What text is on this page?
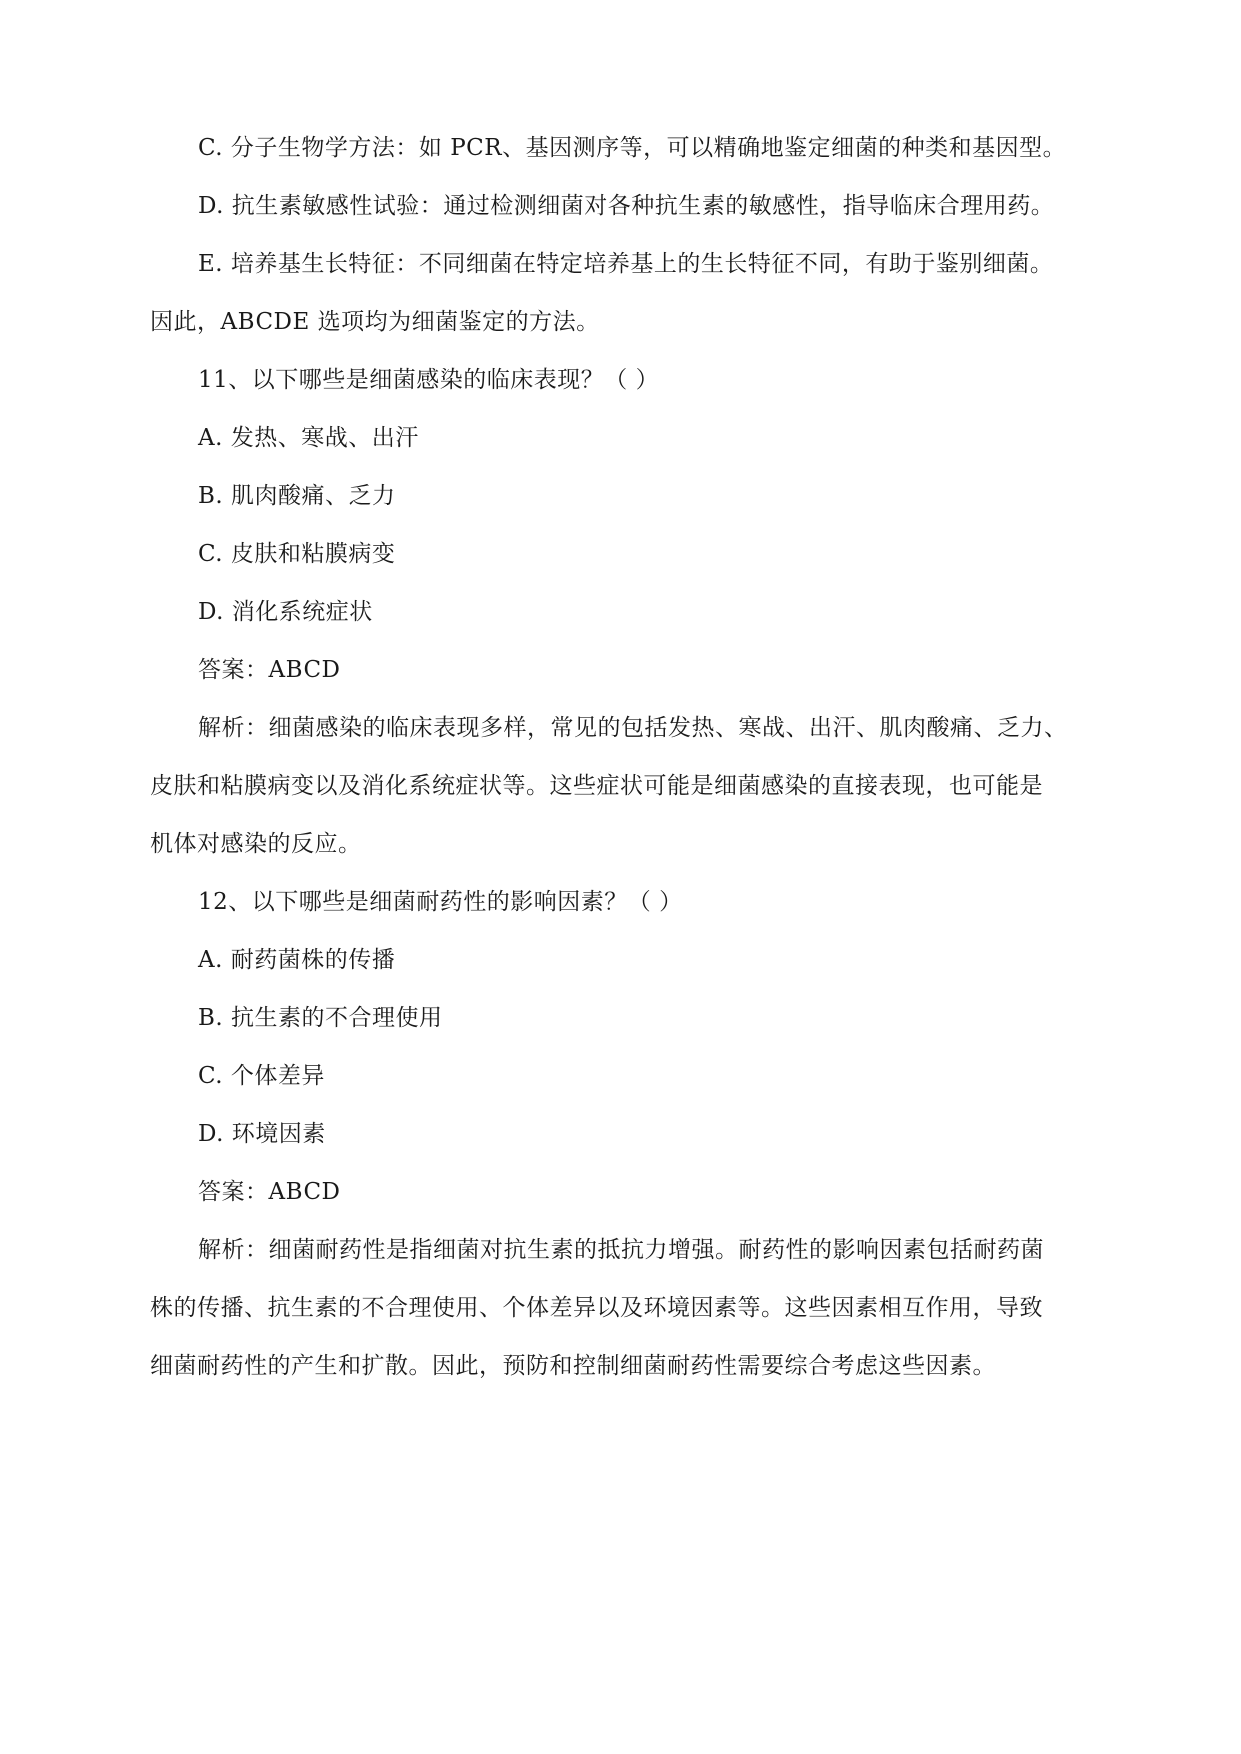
C. 分子生物学方法：如 PCR、基因测序等，可以精确地鉴定细菌的种类和基因型。
D. 抗生素敏感性试验：通过检测细菌对各种抗生素的敏感性，指导临床合理用药。
E. 培养基生长特征：不同细菌在特定培养基上的生长特征不同，有助于鉴别细菌。
因此，ABCDE 选项均为细菌鉴定的方法。
11、以下哪些是细菌感染的临床表现？（ ）
A. 发热、寒战、出汗
B. 肌肉酸痛、乏力
C. 皮肤和粘膜病变
D. 消化系统症状
答案：ABCD
解析：细菌感染的临床表现多样，常见的包括发热、寒战、出汗、肌肉酸痛、乏力、
皮肤和粘膜病变以及消化系统症状等。这些症状可能是细菌感染的直接表现，也可能是
机体对感染的反应。
12、以下哪些是细菌耐药性的影响因素？（ ）
A. 耐药菌株的传播
B. 抗生素的不合理使用
C. 个体差异
D. 环境因素
答案：ABCD
解析：细菌耐药性是指细菌对抗生素的抵抗力增强。耐药性的影响因素包括耐药菌
株的传播、抗生素的不合理使用、个体差异以及环境因素等。这些因素相互作用，导致
细菌耐药性的产生和扩散。因此，预防和控制细菌耐药性需要综合考虑这些因素。
